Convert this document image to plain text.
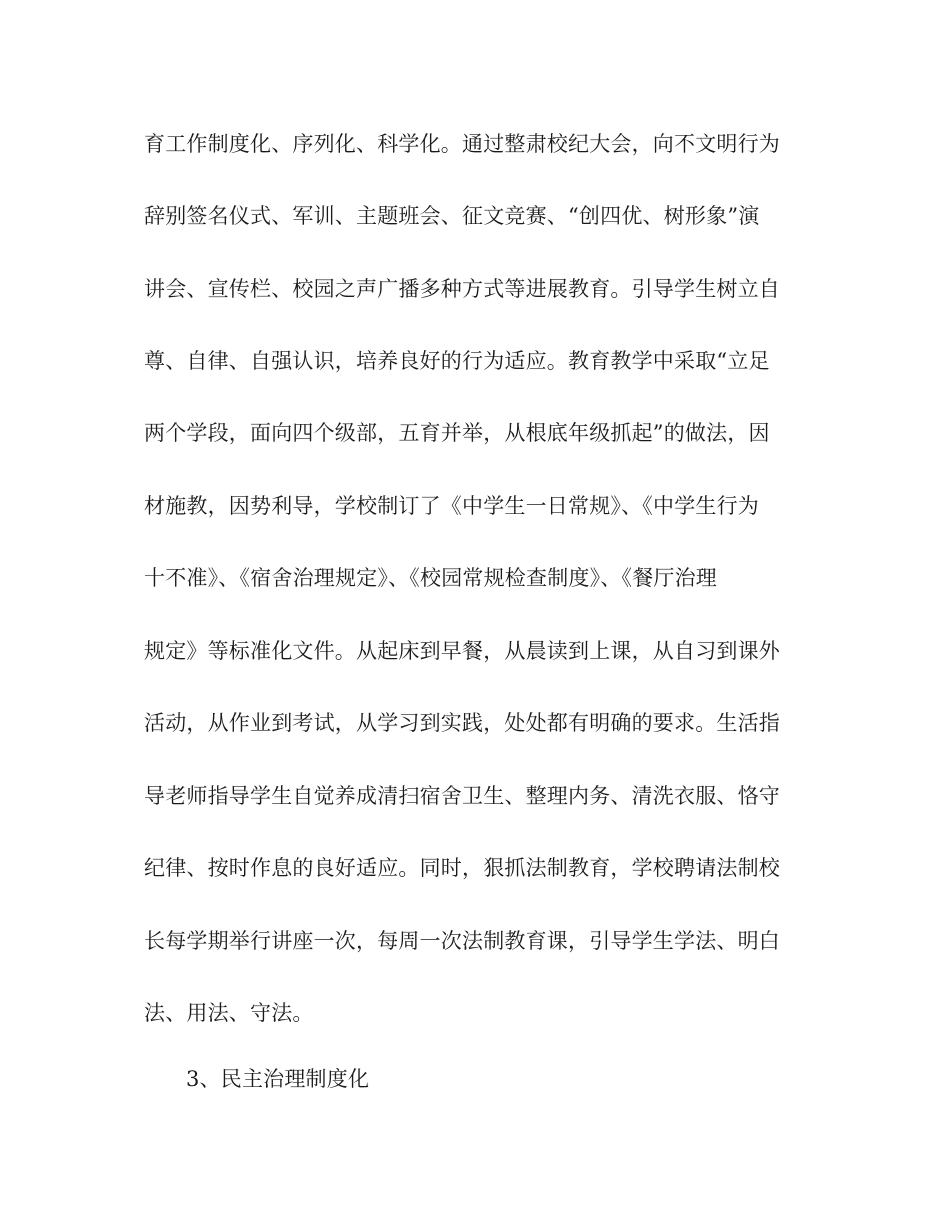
育工作制度化、序列化、科学化。通过整肃校纪大会，向不文明行为
辞别签名仪式、军训、主题班会、征文竞赛、“创四优、树形象”演
讲会、宣传栏、校园之声广播多种方式等进展教育。引导学生树立自
尊、自律、自强认识，培养良好的行为适应。教育教学中采取“立足
两个学段，面向四个级部，五育并举，从根底年级抓起”的做法，因
材施教，因势利导，学校制订了《中学生一日常规》、《中学生行为
十不准》、《宿舍治理规定》、《校园常规检查制度》、《餐厅治理
规定》等标准化文件。从起床到早餐，从晨读到上课，从自习到课外
活动，从作业到考试，从学习到实践，处处都有明确的要求。生活指
导老师指导学生自觉养成清扫宿舍卫生、整理内务、清洗衣服、恪守
纪律、按时作息的良好适应。同时，狠抓法制教育，学校聘请法制校
长每学期举行讲座一次，每周一次法制教育课，引导学生学法、明白
法、用法、守法。
3、民主治理制度化
